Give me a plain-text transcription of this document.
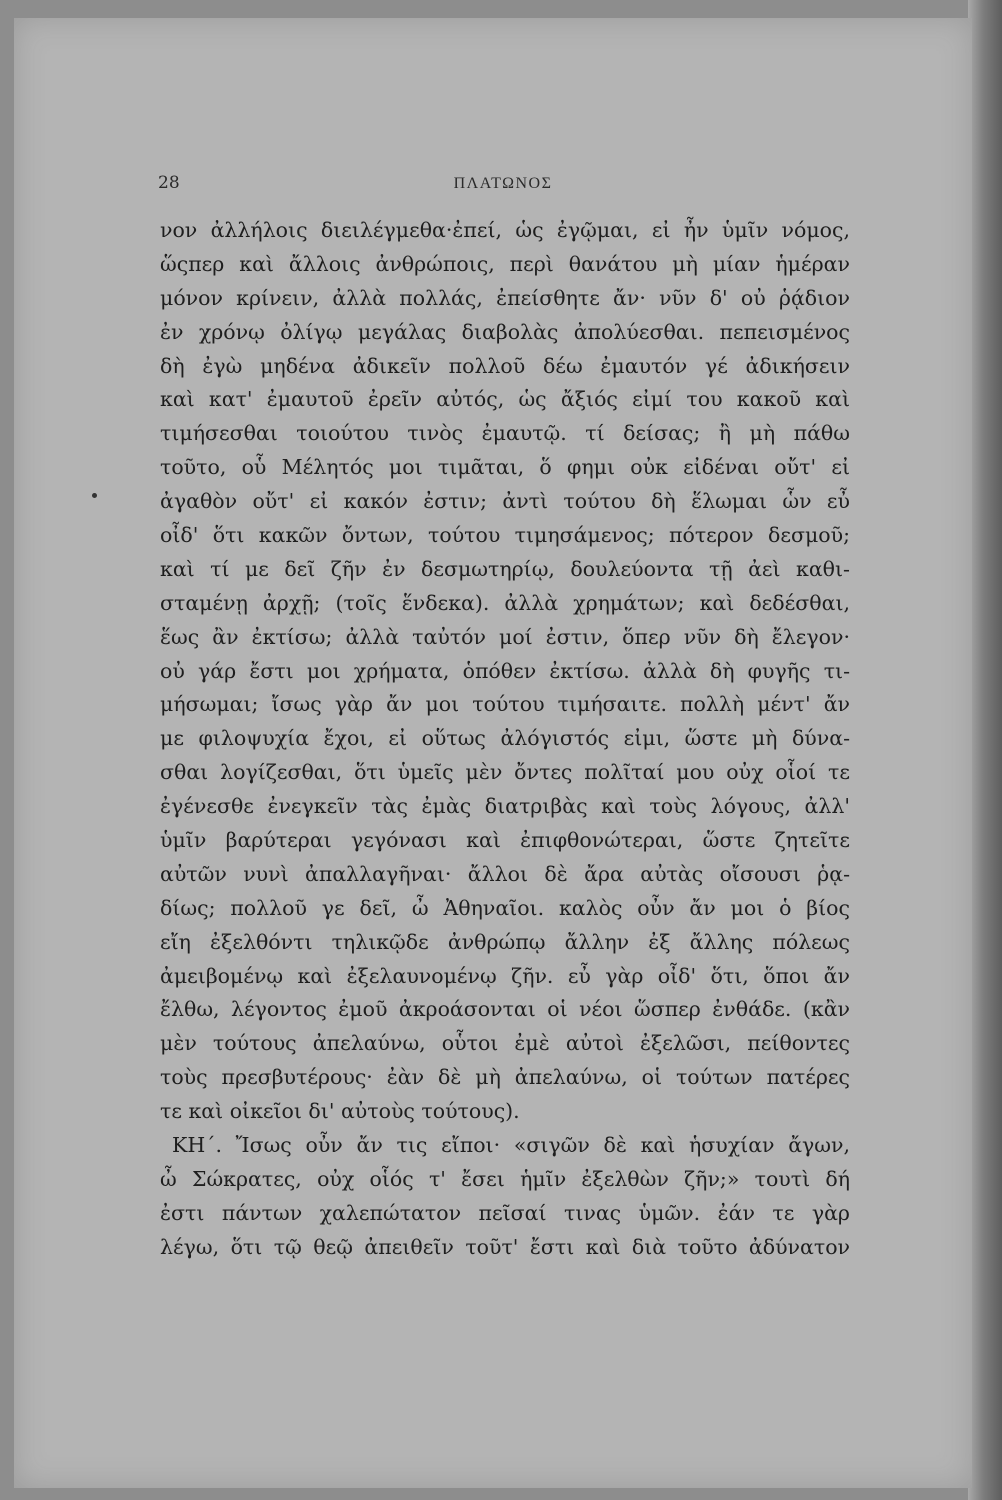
28	ΠΛΑΤΩΝΟΣ
νον ἀλλήλοις διειλέγμεθα·ἐπεί, ὡς ἐγῷμαι, εἰ ἦν ὑμῖν νόμος,
ὥςπερ καὶ ἄλλοις ἀνθρώποις, περὶ θανάτου μὴ μίαν ἡμέραν
μόνον κρίνειν, ἀλλὰ πολλάς, ἐπείσθητε ἄν· νῦν δ' οὐ ῥᾴδιον
ἐν χρόνῳ ὀλίγῳ μεγάλας διαβολὰς ἀπολύεσθαι. πεπεισμένος
δὴ ἐγὼ μηδένα ἀδικεῖν πολλοῦ δέω ἐμαυτόν γέ ἀδικήσειν
καὶ κατ' ἐμαυτοῦ ἐρεῖν αὐτός, ὡς ἄξιός εἰμί του κακοῦ καὶ
τιμήσεσθαι τοιούτου τινὸς ἐμαυτῷ. τί δείσας; ἢ μὴ πάθω
τοῦτο, οὗ Μέλητός μοι τιμᾶται, ὅ φημι οὐκ εἰδέναι οὔτ' εἰ
ἀγαθὸν οὔτ' εἰ κακόν ἐστιν; ἀντὶ τούτου δὴ ἕλωμαι ὧν εὖ
οἶδ' ὅτι κακῶν ὄντων, τούτου τιμησάμενος; πότερον δεσμοῦ;
καὶ τί με δεῖ ζῆν ἐν δεσμωτηρίῳ, δουλεύοντα τῇ ἀεὶ καθι-
σταμένῃ ἀρχῇ; (τοῖς ἕνδεκα). ἀλλὰ χρημάτων; καὶ δεδέσθαι,
ἕως ἂν ἐκτίσω; ἀλλὰ ταὐτόν μοί ἐστιν, ὅπερ νῦν δὴ ἔλεγον·
οὐ γάρ ἔστι μοι χρήματα, ὁπόθεν ἐκτίσω. ἀλλὰ δὴ φυγῆς τι-
μήσωμαι; ἴσως γὰρ ἄν μοι τούτου τιμήσαιτε. πολλὴ μέντ' ἄν
με φιλοψυχία ἔχοι, εἰ οὕτως ἀλόγιστός εἰμι, ὥστε μὴ δύνα-
σθαι λογίζεσθαι, ὅτι ὑμεῖς μὲν ὄντες πολῖταί μου οὐχ οἷοί τε
ἐγένεσθε ἐνεγκεῖν τὰς ἐμὰς διατριβὰς καὶ τοὺς λόγους, ἀλλ'
ὑμῖν βαρύτεραι γεγόνασι καὶ ἐπιφθονώτεραι, ὥστε ζητεῖτε
αὐτῶν νυνὶ ἀπαλλαγῆναι· ἄλλοι δὲ ἄρα αὐτὰς οἴσουσι ῥᾳ-
δίως; πολλοῦ γε δεῖ, ὦ Ἀθηναῖοι. καλὸς οὖν ἄν μοι ὁ βίος
εἴη ἐξελθόντι τηλικῷδε ἀνθρώπῳ ἄλλην ἐξ ἄλλης πόλεως
ἀμειβομένῳ καὶ ἐξελαυνομένῳ ζῆν. εὖ γὰρ οἶδ' ὅτι, ὅποι ἄν
ἔλθω, λέγοντος ἐμοῦ ἀκροάσονται οἱ νέοι ὥσπερ ἐνθάδε. (κἂν
μὲν τούτους ἀπελαύνω, οὗτοι ἐμὲ αὐτοὶ ἐξελῶσι, πείθοντες
τοὺς πρεσβυτέρους· ἐὰν δὲ μὴ ἀπελαύνω, οἱ τούτων πατέρες
τε καὶ οἰκεῖοι δι' αὐτοὺς τούτους).
ΚΗ΄. Ἴσως οὖν ἄν τις εἴποι· «σιγῶν δὲ καὶ ἡσυχίαν ἄγων,
ὦ Σώκρατες, οὐχ οἷός τ' ἔσει ἡμῖν ἐξελθὼν ζῆν;» τουτὶ δή
ἐστι πάντων χαλεπώτατον πεῖσαί τινας ὑμῶν. ἐάν τε γὰρ
λέγω, ὅτι τῷ θεῷ ἀπειθεῖν τοῦτ' ἔστι καὶ διὰ τοῦτο ἀδύνατον
